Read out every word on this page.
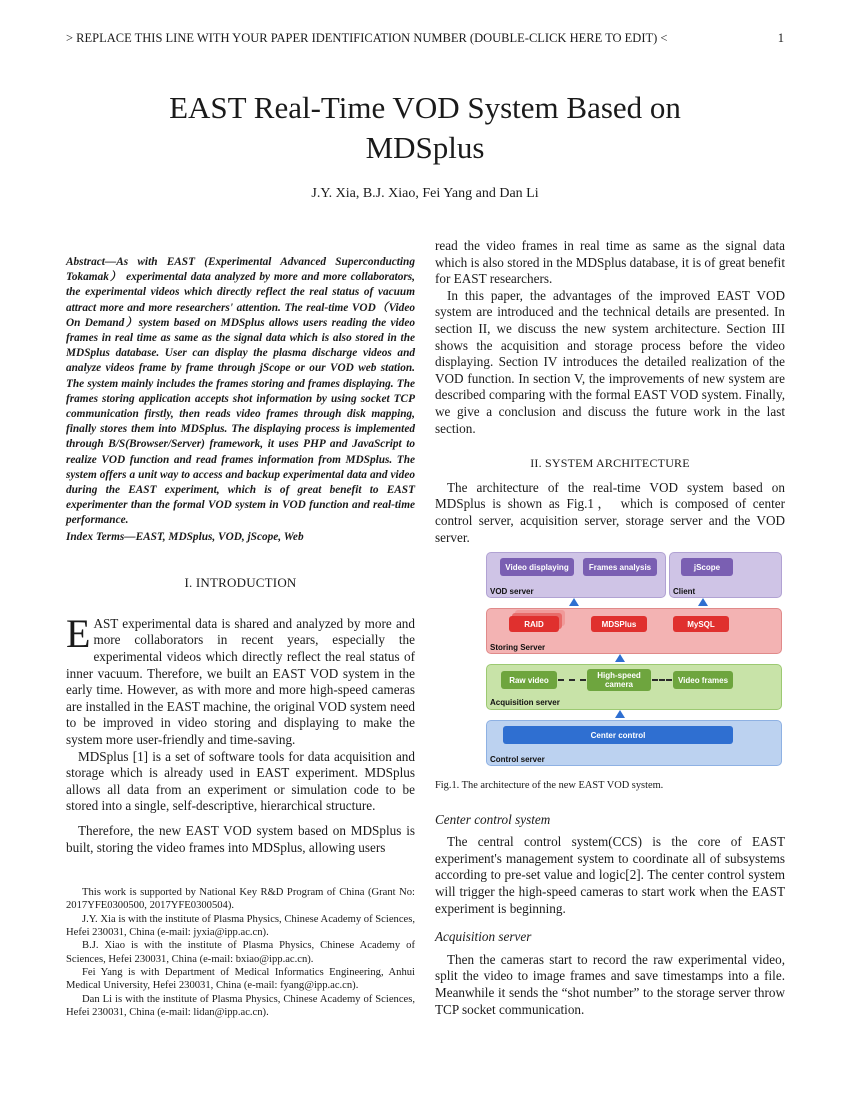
> REPLACE THIS LINE WITH YOUR PAPER IDENTIFICATION NUMBER (DOUBLE-CLICK HERE TO EDIT) <	1
EAST Real-Time VOD System Based on
MDSplus
J.Y. Xia, B.J. Xiao, Fei Yang and Dan Li

Abstract—As with EAST (Experimental Advanced Superconducting Tokamak） experimental data analyzed by more and more collaborators, the experimental videos which directly reflect the real status of vacuum attract more and more researchers' attention. The real-time VOD（Video On Demand）system based on MDSplus allows users reading the video frames in real time as same as the signal data which is also stored in the MDSplus database. User can display the plasma discharge videos and analyze videos frame by frame through jScope or our VOD web station. The system mainly includes the frames storing and frames displaying. The frames storing application accepts shot information by using socket TCP communication firstly, then reads video frames through disk mapping, finally stores them into MDSplus. The displaying process is implemented through B/S(Browser/Server) framework, it uses PHP and JavaScript to realize VOD function and read frames information from MDSplus. The system offers a unit way to access and backup experimental data and video during the EAST experiment, which is of great benefit to EAST experimenter than the formal VOD system in VOD function and real-time performance.

Index Terms—EAST, MDSplus, VOD, jScope, Web

I. INTRODUCTION

EAST experimental data is shared and analyzed by more and more collaborators in recent years, especially the experimental videos which directly reflect the real status of inner vacuum. Therefore, we built an EAST VOD system in the early time. However, as with more and more high-speed cameras are installed in the EAST machine, the original VOD system need to be improved in video storing and displaying to make the system more user-friendly and time-saving.

MDSplus [1] is a set of software tools for data acquisition and storage which is already used in EAST experiment. MDSplus allows all data from an experiment or simulation code to be stored into a single, self-descriptive, hierarchical structure.

Therefore, the new EAST VOD system based on MDSplus is built, storing the video frames into MDSplus, allowing users

This work is supported by National Key R&D Program of China (Grant No: 2017YFE0300500, 2017YFE0300504).

J.Y. Xia is with the institute of Plasma Physics, Chinese Academy of Sciences, Hefei 230031, China (e-mail: jyxia@ipp.ac.cn).

B.J. Xiao is with the institute of Plasma Physics, Chinese Academy of Sciences, Hefei 230031, China (e-mail: bxiao@ipp.ac.cn).

Fei Yang is with Department of Medical Informatics Engineering, Anhui Medical University, Hefei 230031, China (e-mail: fyang@ipp.ac.cn).

Dan Li is with the institute of Plasma Physics, Chinese Academy of Sciences, Hefei 230031, China (e-mail: lidan@ipp.ac.cn).

read the video frames in real time as same as the signal data which is also stored in the MDSplus database, it is of great benefit for EAST researchers.

In this paper, the advantages of the improved EAST VOD system are introduced and the technical details are presented. In section II, we discuss the new system architecture. Section III shows the acquisition and storage process before the video displaying. Section IV introduces the detailed realization of the VOD function. In section V, the improvements of new system are described comparing with the formal EAST VOD system. Finally, we give a conclusion and discuss the future work in the last section.

II. SYSTEM ARCHITECTURE

The architecture of the real-time VOD system based on MDSplus is shown as Fig.1， which is composed of center control server, acquisition server, storage server and the VOD server.

Video displaying	Frames analysis	jScope
VOD server	Client
RAID	MDSPlus	MySQL
Storing Server
Raw video	High-speed camera	Video frames
Acquisition server
Center control
Control server

Fig.1. The architecture of the new EAST VOD system.

Center control system

The central control system(CCS) is the core of EAST experiment's management system to coordinate all of subsystems according to pre-set value and logic[2]. The center control system will trigger the high-speed cameras to start work when the EAST experiment is beginning.

Acquisition server

Then the cameras start to record the raw experimental video, split the video to image frames and save timestamps into a file. Meanwhile it sends the “shot number” to the storage server throw TCP socket communication.
